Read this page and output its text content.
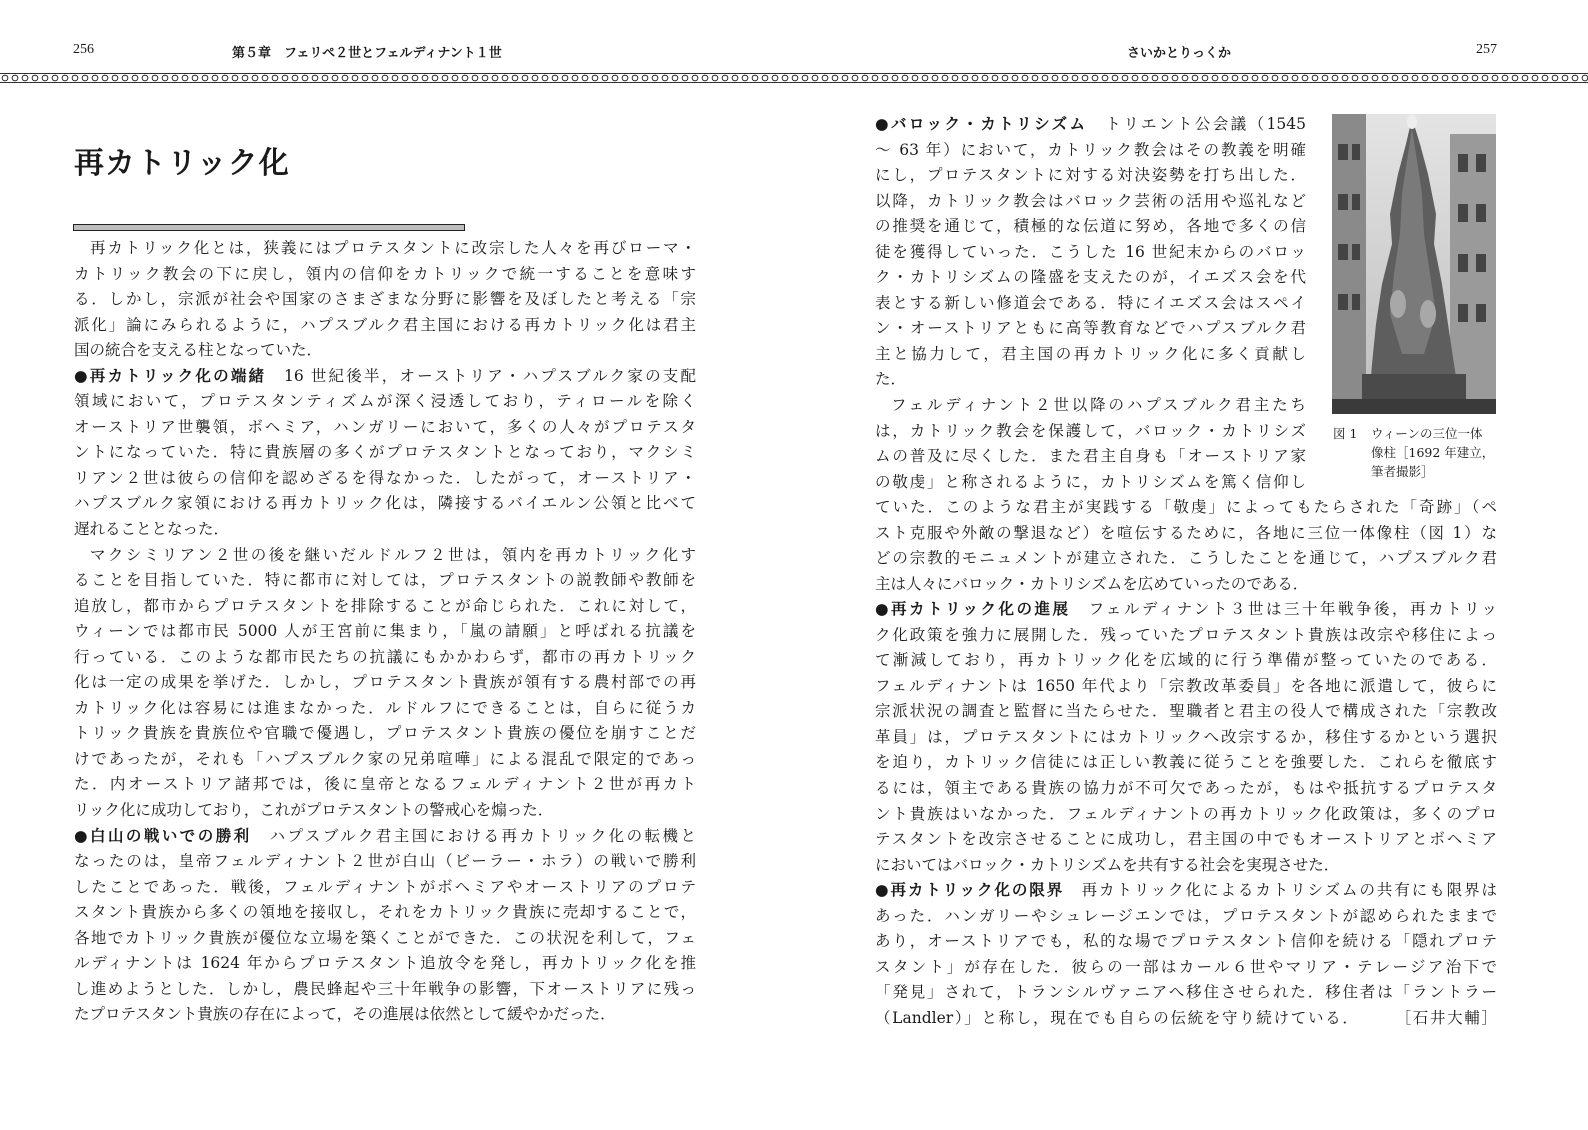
256	第５章　フェリペ２世とフェルディナント１世	さいかとりっくか	257
再カトリック化
再カトリック化とは，狭義にはプロテスタントに改宗した人々を再びローマ・
カトリック教会の下に戻し，領内の信仰をカトリックで統一することを意味す
る．しかし，宗派が社会や国家のさまざまな分野に影響を及ぼしたと考える「宗
派化」論にみられるように，ハプスブルク君主国における再カトリック化は君主
国の統合を支える柱となっていた．
●再カトリック化の端緒　16 世紀後半，オーストリア・ハプスブルク家の支配
領域において，プロテスタンティズムが深く浸透しており，ティロールを除く
オーストリア世襲領，ボヘミア，ハンガリーにおいて，多くの人々がプロテスタ
ントになっていた．特に貴族層の多くがプロテスタントとなっており，マクシミ
リアン２世は彼らの信仰を認めざるを得なかった．したがって，オーストリア・
ハプスブルク家領における再カトリック化は，隣接するバイエルン公領と比べて
遅れることとなった．
マクシミリアン２世の後を継いだルドルフ２世は，領内を再カトリック化す
ることを目指していた．特に都市に対しては，プロテスタントの説教師や教師を
追放し，都市からプロテスタントを排除することが命じられた．これに対して，
ウィーンでは都市民 5000 人が王宮前に集まり，「嵐の請願」と呼ばれる抗議を
行っている．このような都市民たちの抗議にもかかわらず，都市の再カトリック
化は一定の成果を挙げた．しかし，プロテスタント貴族が領有する農村部での再
カトリック化は容易には進まなかった．ルドルフにできることは，自らに従うカ
トリック貴族を貴族位や官職で優遇し，プロテスタント貴族の優位を崩すことだ
けであったが，それも「ハプスブルク家の兄弟喧嘩」による混乱で限定的であっ
た．内オーストリア諸邦では，後に皇帝となるフェルディナント２世が再カト
リック化に成功しており，これがプロテスタントの警戒心を煽った．
●白山の戦いでの勝利　ハプスブルク君主国における再カトリック化の転機と
なったのは，皇帝フェルディナント２世が白山（ビーラー・ホラ）の戦いで勝利
したことであった．戦後，フェルディナントがボヘミアやオーストリアのプロテ
スタント貴族から多くの領地を接収し，それをカトリック貴族に売却することで，
各地でカトリック貴族が優位な立場を築くことができた．この状況を利して，フェ
ルディナントは 1624 年からプロテスタント追放令を発し，再カトリック化を推
し進めようとした．しかし，農民蜂起や三十年戦争の影響，下オーストリアに残っ
たプロテスタント貴族の存在によって，その進展は依然として緩やかだった．
●バロック・カトリシズム　トリエント公会議（1545
～ 63 年）において，カトリック教会はその教義を明確
にし，プロテスタントに対する対決姿勢を打ち出した．
以降，カトリック教会はバロック芸術の活用や巡礼など
の推奨を通じて，積極的な伝道に努め，各地で多くの信
徒を獲得していった．こうした 16 世紀末からのバロッ
ク・カトリシズムの隆盛を支えたのが，イエズス会を代
表とする新しい修道会である．特にイエズス会はスペイ
ン・オーストリアともに高等教育などでハプスブルク君
主と協力して，君主国の再カトリック化に多く貢献し
た．
フェルディナント２世以降のハプスブルク君主たち
は，カトリック教会を保護して，バロック・カトリシズ
ムの普及に尽くした．また君主自身も「オーストリア家
の敬虔」と称されるように，カトリシズムを篤く信仰し
ていた．このような君主が実践する「敬虔」によってもたらされた「奇跡」（ペ
スト克服や外敵の撃退など）を喧伝するために，各地に三位一体像柱（図 1）な
どの宗教的モニュメントが建立された．こうしたことを通じて，ハプスブルク君
主は人々にバロック・カトリシズムを広めていったのである．
●再カトリック化の進展　フェルディナント３世は三十年戦争後，再カトリッ
ク化政策を強力に展開した．残っていたプロテスタント貴族は改宗や移住によっ
て漸減しており，再カトリック化を広域的に行う準備が整っていたのである．
フェルディナントは 1650 年代より「宗教改革委員」を各地に派遣して，彼らに
宗派状況の調査と監督に当たらせた．聖職者と君主の役人で構成された「宗教改
革員」は，プロテスタントにはカトリックへ改宗するか，移住するかという選択
を迫り，カトリック信徒には正しい教義に従うことを強要した．これらを徹底す
るには，領主である貴族の協力が不可欠であったが，もはや抵抗するプロテスタ
ント貴族はいなかった．フェルディナントの再カトリック化政策は，多くのプロ
テスタントを改宗させることに成功し，君主国の中でもオーストリアとボヘミア
においてはバロック・カトリシズムを共有する社会を実現させた．
●再カトリック化の限界　再カトリック化によるカトリシズムの共有にも限界は
あった．ハンガリーやシュレージエンでは，プロテスタントが認められたままで
あり，オーストリアでも，私的な場でプロテスタント信仰を続ける「隠れプロテ
スタント」が存在した．彼らの一部はカール６世やマリア・テレージア治下で
「発見」されて，トランシルヴァニアへ移住させられた．移住者は「ラントラー
（Landler）」と称し，現在でも自らの伝統を守り続けている．　　　［石井大輔］
図 1 ウィーンの三位一体
像柱［1692 年建立，
筆者撮影］
